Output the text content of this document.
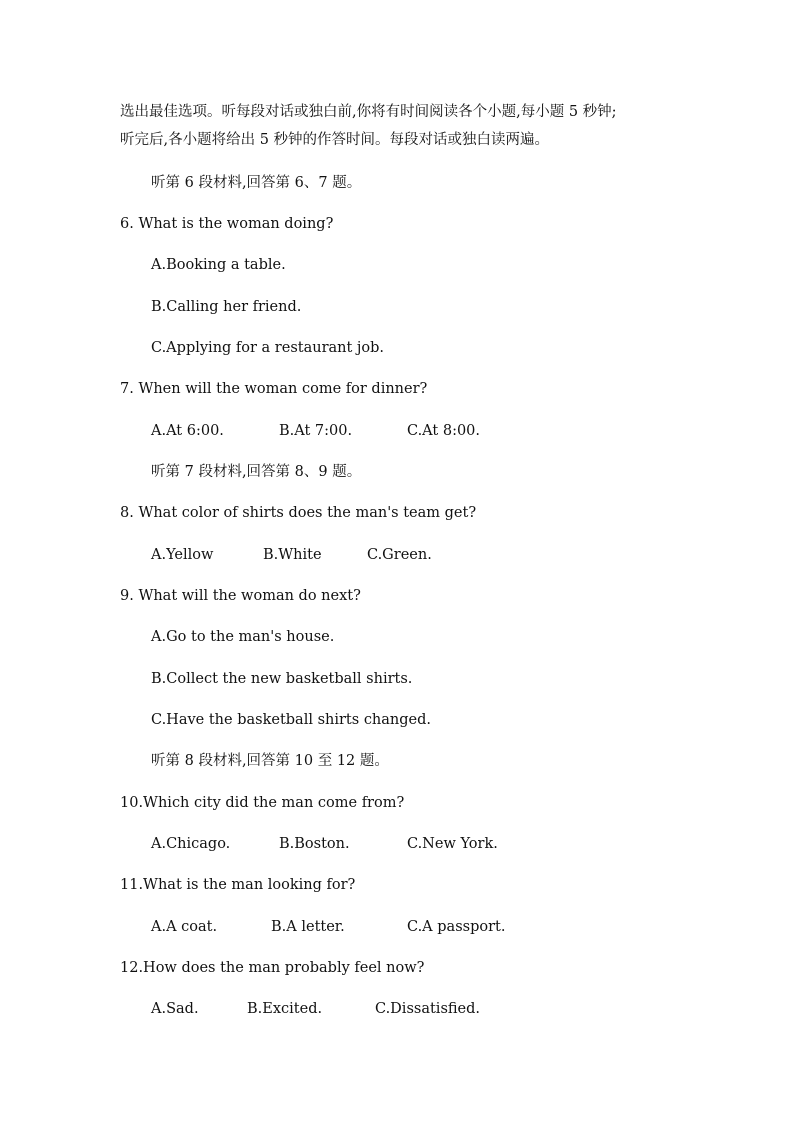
选出最佳选项。听每段对话或独白前,你将有时间阅读各个小题,每小题 5 秒钟;
听完后,各小题将给出 5 秒钟的作答时间。每段对话或独白读两遍。
听第 6 段材料,回答第 6、7 题。
6. What is the woman doing?
A.Booking a table.
B.Calling her friend.
C.Applying for a restaurant job.
7. When will the woman come for dinner?
A.At 6:00.	B.At 7:00.	C.At 8:00.
听第 7 段材料,回答第 8、9 题。
8. What color of shirts does the man's team get?
A.Yellow	B.White	C.Green.
9. What will the woman do next?
A.Go to the man's house.
B.Collect the new basketball shirts.
C.Have the basketball shirts changed.
听第 8 段材料,回答第 10 至 12 题。
10.Which city did the man come from?
A.Chicago.	B.Boston.	C.New York.
11.What is the man looking for?
A.A coat.	B.A letter.	C.A passport.
12.How does the man probably feel now?
A.Sad.	B.Excited.	C.Dissatisfied.
